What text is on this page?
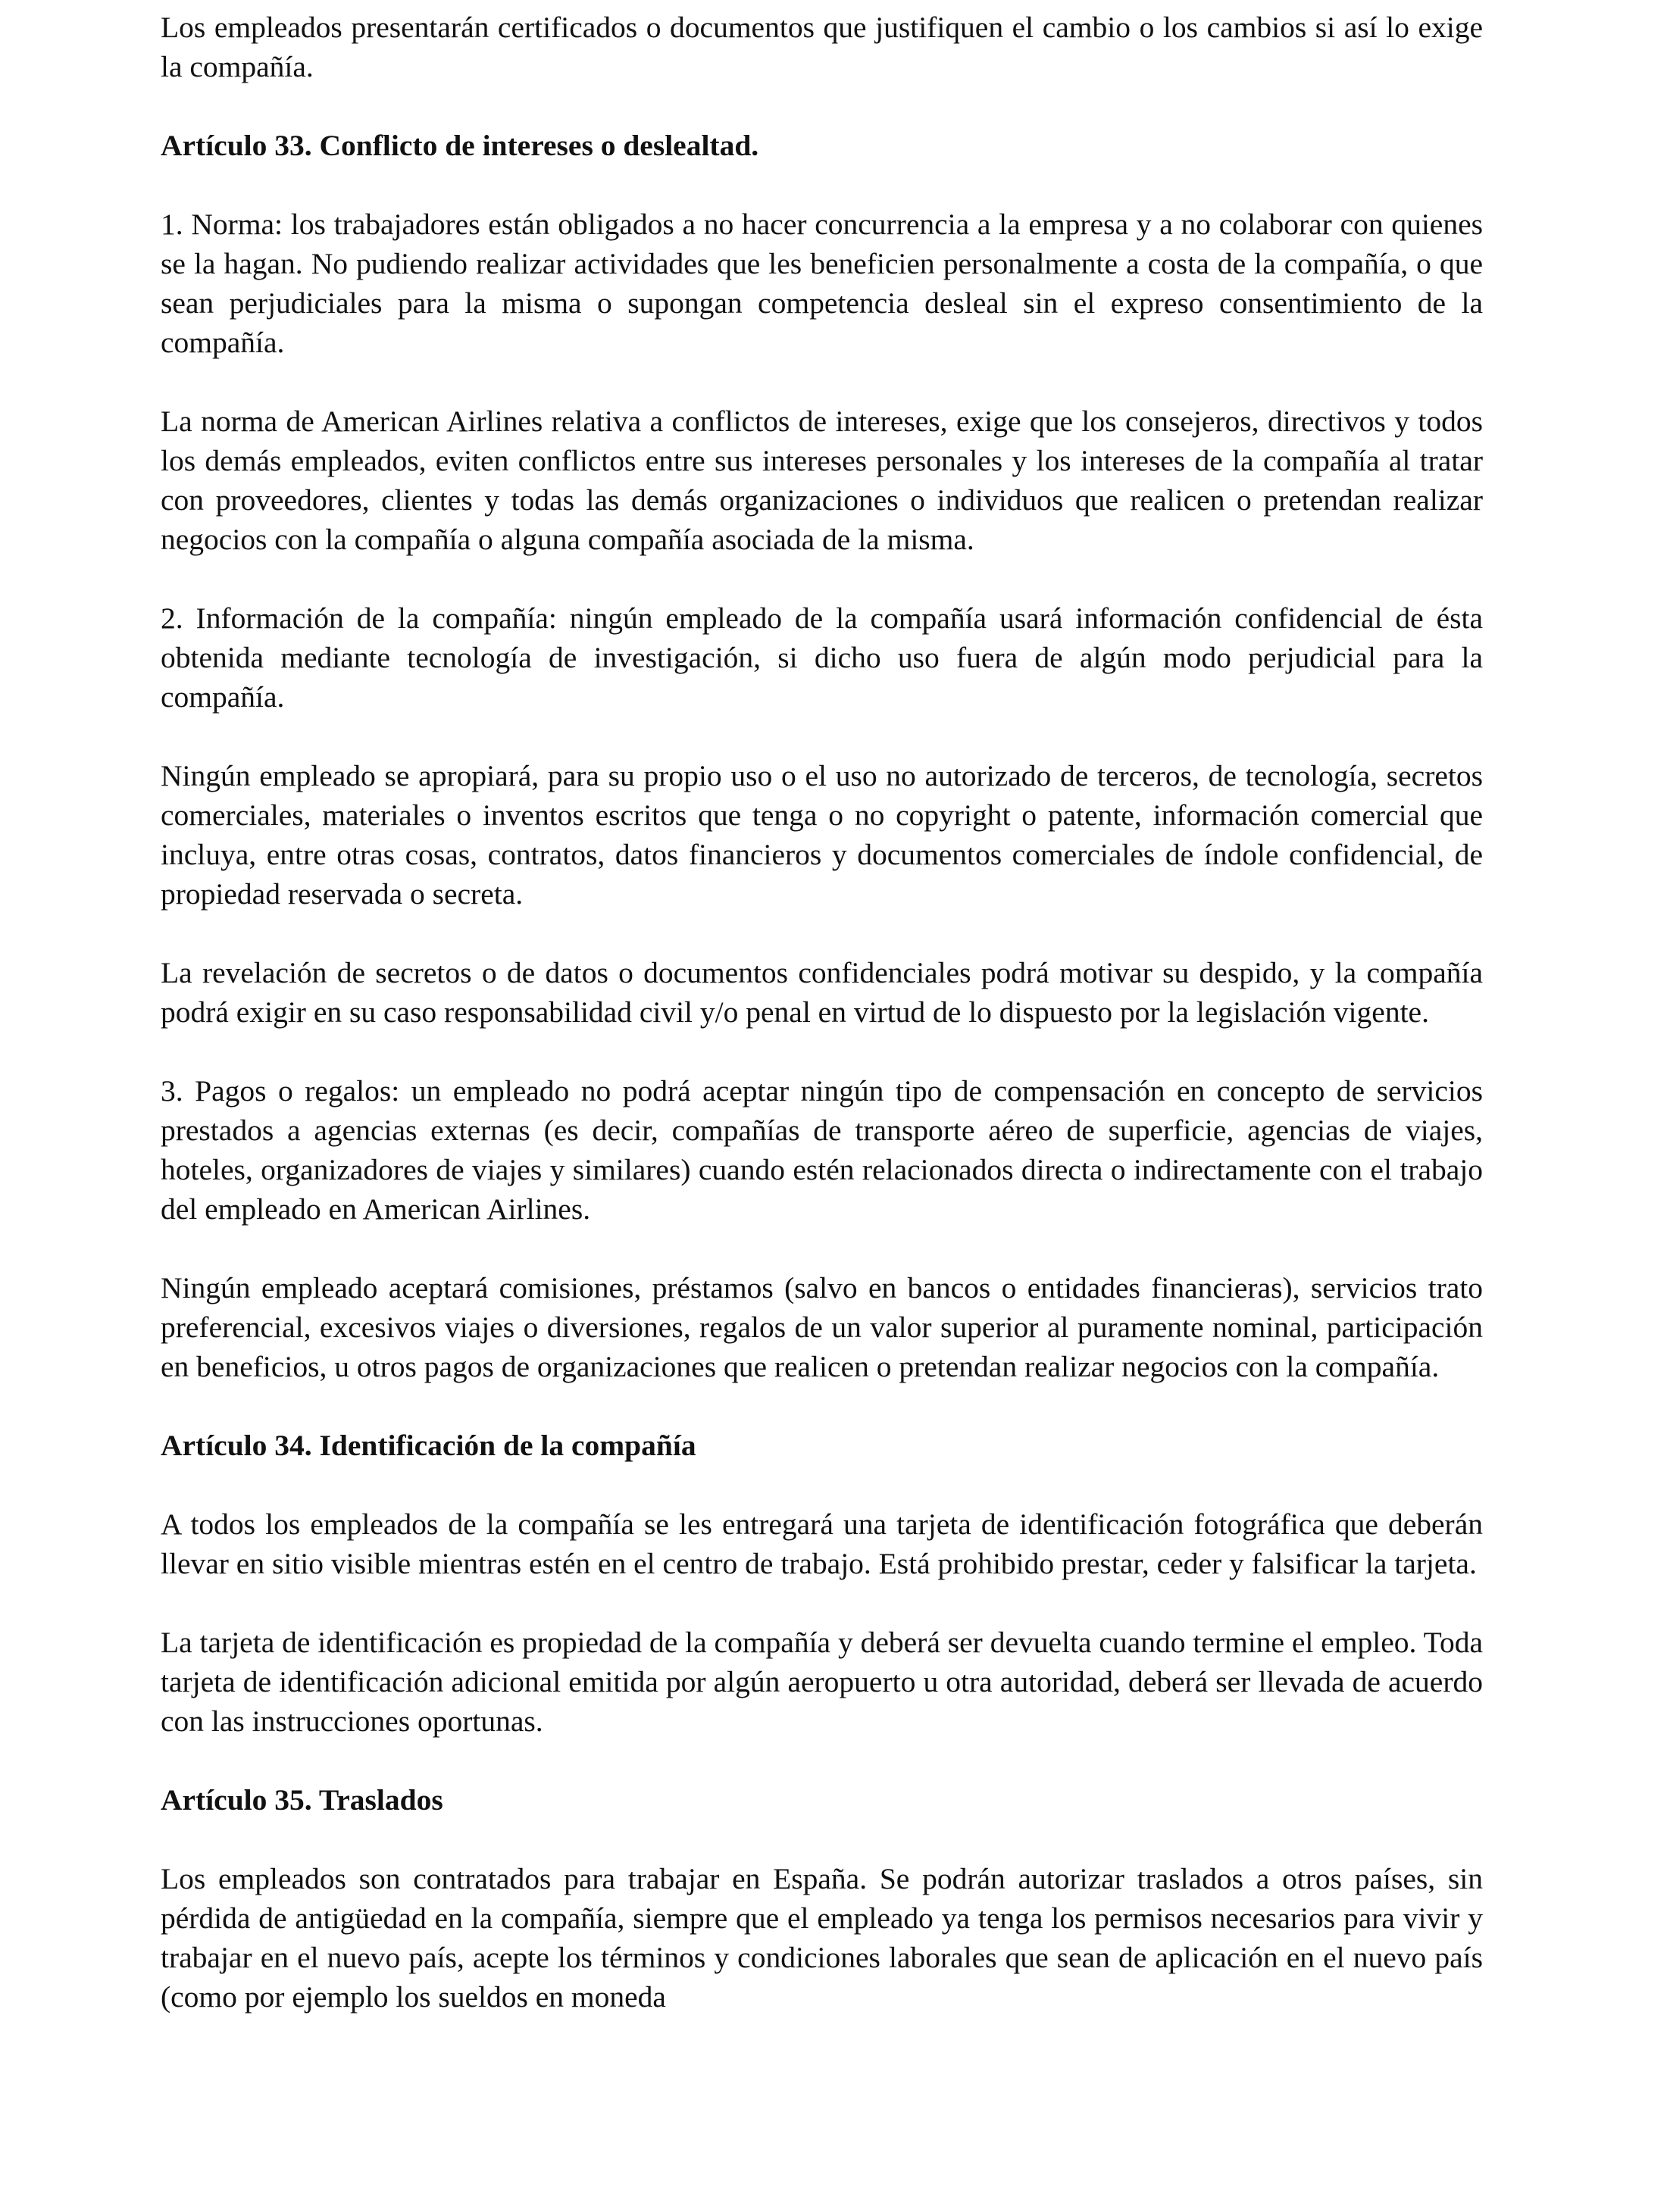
Los empleados presentarán certificados o documentos que justifiquen el cambio o los cambios si así lo exige la compañía.

Artículo 33. Conflicto de intereses o deslealtad.

1. Norma: los trabajadores están obligados a no hacer concurrencia a la empresa y a no colaborar con quienes se la hagan. No pudiendo realizar actividades que les beneficien personalmente a costa de la compañía, o que sean perjudiciales para la misma o supongan competencia desleal sin el expreso consentimiento de la compañía.

La norma de American Airlines relativa a conflictos de intereses, exige que los consejeros, directivos y todos los demás empleados, eviten conflictos entre sus intereses personales y los intereses de la compañía al tratar con proveedores, clientes y todas las demás organizaciones o individuos que realicen o pretendan realizar negocios con la compañía o alguna compañía asociada de la misma.

2. Información de la compañía: ningún empleado de la compañía usará información confidencial de ésta obtenida mediante tecnología de investigación, si dicho uso fuera de algún modo perjudicial para la compañía.

Ningún empleado se apropiará, para su propio uso o el uso no autorizado de terceros, de tecnología, secretos comerciales, materiales o inventos escritos que tenga o no copyright o patente, información comercial que incluya, entre otras cosas, contratos, datos financieros y documentos comerciales de índole confidencial, de propiedad reservada o secreta.

La revelación de secretos o de datos o documentos confidenciales podrá motivar su despido, y la compañía podrá exigir en su caso responsabilidad civil y/o penal en virtud de lo dispuesto por la legislación vigente.

3. Pagos o regalos: un empleado no podrá aceptar ningún tipo de compensación en concepto de servicios prestados a agencias externas (es decir, compañías de transporte aéreo de superficie, agencias de viajes, hoteles, organizadores de viajes y similares) cuando estén relacionados directa o indirectamente con el trabajo del empleado en American Airlines.

Ningún empleado aceptará comisiones, préstamos (salvo en bancos o entidades financieras), servicios trato preferencial, excesivos viajes o diversiones, regalos de un valor superior al puramente nominal, participación en beneficios, u otros pagos de organizaciones que realicen o pretendan realizar negocios con la compañía.

Artículo 34. Identificación de la compañía

A todos los empleados de la compañía se les entregará una tarjeta de identificación fotográfica que deberán llevar en sitio visible mientras estén en el centro de trabajo. Está prohibido prestar, ceder y falsificar la tarjeta.

La tarjeta de identificación es propiedad de la compañía y deberá ser devuelta cuando termine el empleo. Toda tarjeta de identificación adicional emitida por algún aeropuerto u otra autoridad, deberá ser llevada de acuerdo con las instrucciones oportunas.

Artículo 35. Traslados

Los empleados son contratados para trabajar en España. Se podrán autorizar traslados a otros países, sin pérdida de antigüedad en la compañía, siempre que el empleado ya tenga los permisos necesarios para vivir y trabajar en el nuevo país, acepte los términos y condiciones laborales que sean de aplicación en el nuevo país (como por ejemplo los sueldos en moneda
